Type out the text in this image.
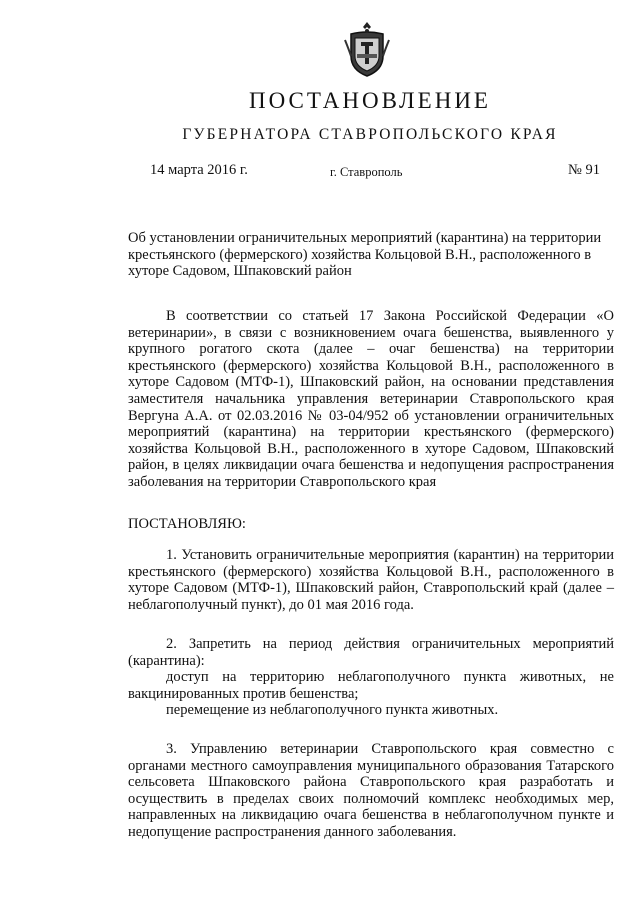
ПОСТАНОВЛЕНИЕ
ГУБЕРНАТОРА СТАВРОПОЛЬСКОГО КРАЯ
14 марта 2016 г.	г. Ставрополь	№ 91
Об установлении ограничительных мероприятий (карантина) на территории крестьянского (фермерского) хозяйства Кольцовой В.Н., расположенного в хуторе Садовом, Шпаковский район
В соответствии со статьей 17 Закона Российской Федерации «О ветеринарии», в связи с возникновением очага бешенства, выявленного у крупного рогатого скота (далее – очаг бешенства) на территории крестьянского (фермерского) хозяйства Кольцовой В.Н., расположенного в хуторе Садовом (МТФ-1), Шпаковский район, на основании представления заместителя начальника управления ветеринарии Ставропольского края Вергуна А.А. от 02.03.2016 № 03-04/952 об установлении ограничительных мероприятий (карантина) на территории крестьянского (фермерского) хозяйства Кольцовой В.Н., расположенного в хуторе Садовом, Шпаковский район, в целях ликвидации очага бешенства и недопущения распространения заболевания на территории Ставропольского края
ПОСТАНОВЛЯЮ:
1. Установить ограничительные мероприятия (карантин) на территории крестьянского (фермерского) хозяйства Кольцовой В.Н., расположенного в хуторе Садовом (МТФ-1), Шпаковский район, Ставропольский край (далее – неблагополучный пункт), до 01 мая 2016 года.

2. Запретить на период действия ограничительных мероприятий (карантина):

доступ на территорию неблагополучного пункта животных, не вакцинированных против бешенства;

перемещение из неблагополучного пункта животных.

3. Управлению ветеринарии Ставропольского края совместно с органами местного самоуправления муниципального образования Татарского сельсовета Шпаковского района Ставропольского края разработать и осуществить в пределах своих полномочий комплекс необходимых мер, направленных на ликвидацию очага бешенства в неблагополучном пункте и недопущение распространения данного заболевания.
